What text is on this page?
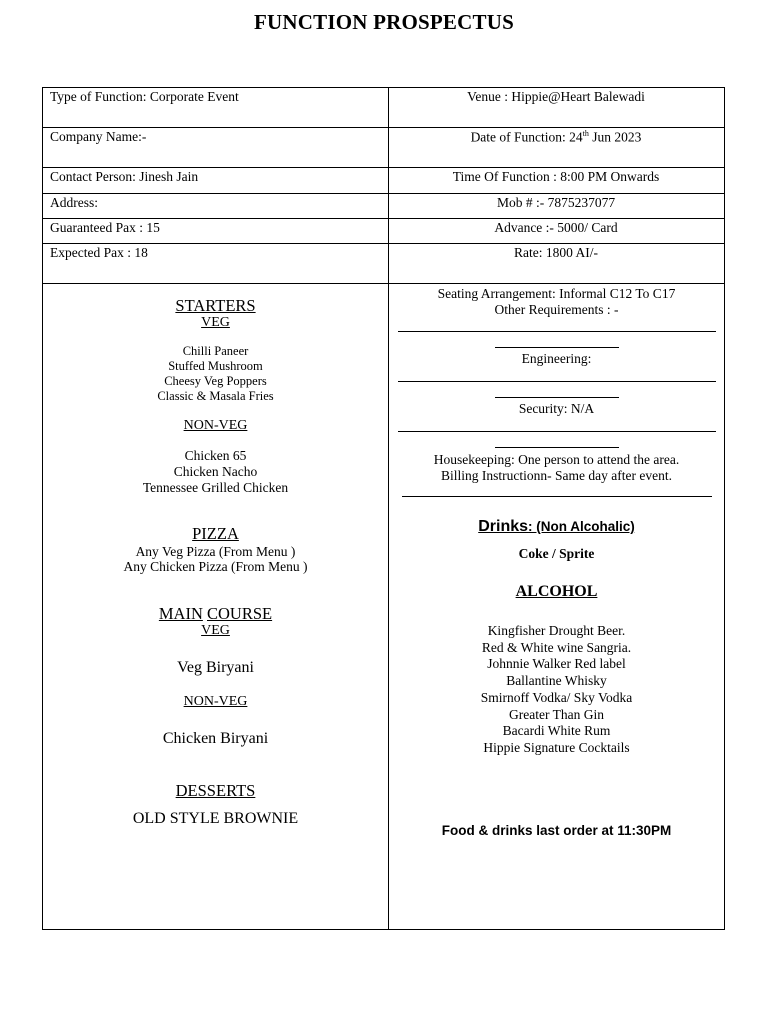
FUNCTION PROSPECTUS
Type of Function: Corporate Event	Venue : Hippie@Heart Balewadi
Company Name:-	Date of Function: 24th Jun 2023
Contact Person: Jinesh Jain	Time Of Function : 8:00 PM Onwards
Address:	Mob # :- 7875237077
Guaranteed Pax : 15	Advance :- 5000/ Card
Expected Pax : 18	Rate: 1800 AI/-
STARTERS
VEG
Chilli Paneer
Stuffed Mushroom
Cheesy Veg Poppers
Classic & Masala Fries
NON-VEG
Chicken 65
Chicken Nacho
Tennessee Grilled Chicken
PIZZA
Any Veg Pizza (From Menu )
Any Chicken Pizza (From Menu )
MAIN COURSE
VEG
Veg Biryani
NON-VEG
Chicken Biryani
DESSERTS
OLD STYLE BROWNIE
Seating Arrangement: Informal C12 To C17
Other Requirements : -
Engineering:
Security: N/A
Housekeeping: One person to attend the area.
Billing Instructionn- Same day after event.
Drinks: (Non Alcohalic)
Coke / Sprite
ALCOHOL
Kingfisher Drought Beer.
Red & White wine Sangria.
Johnnie Walker Red label
Ballantine Whisky
Smirnoff Vodka/ Sky Vodka
Greater Than Gin
Bacardi White Rum
Hippie Signature Cocktails
Food & drinks last order at 11:30PM
